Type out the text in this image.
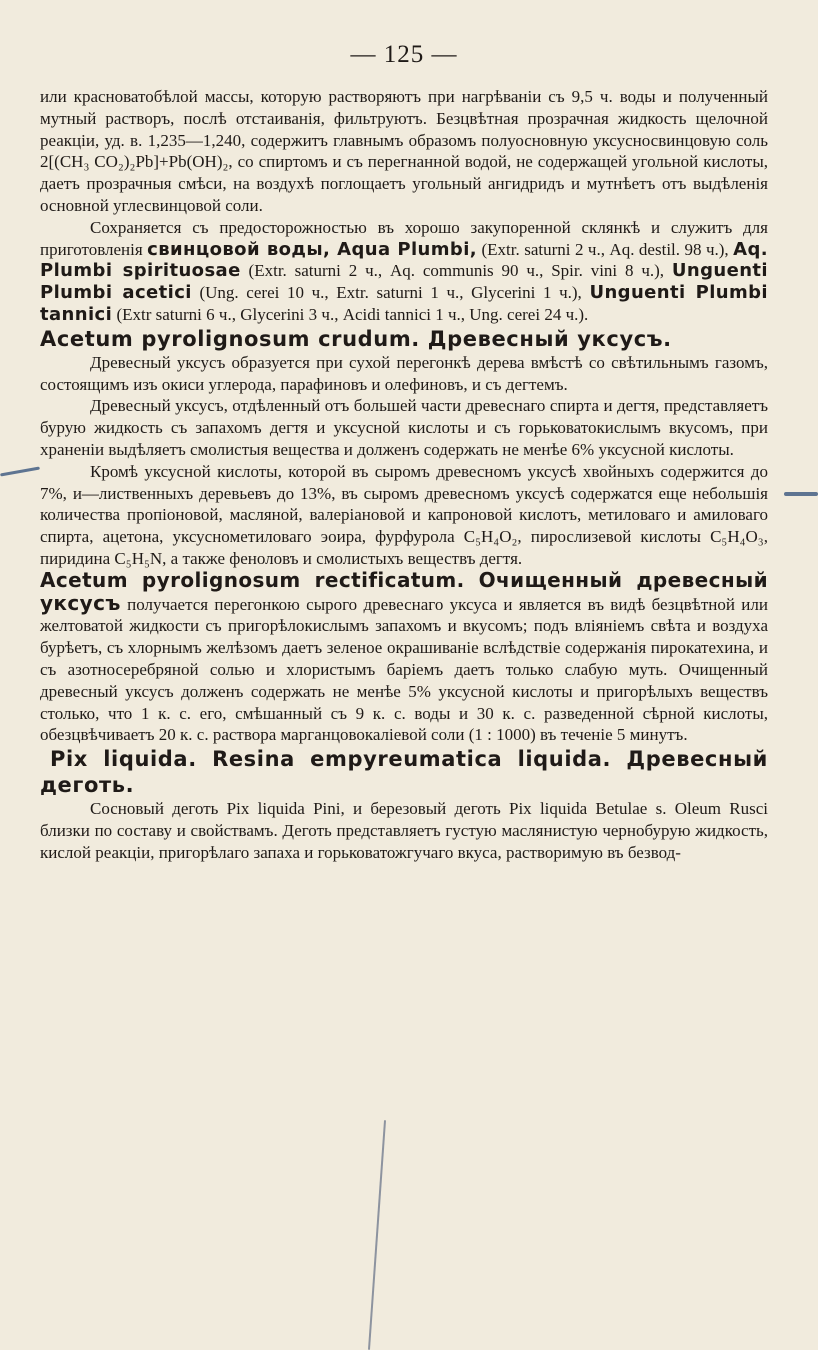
— 125 —

или красноватобѣлой массы, которую растворяютъ при нагрѣваніи съ 9,5 ч. воды и полученный мутный растворъ, послѣ отстаиванія, фильтруютъ. Безцвѣтная прозрачная жидкость щелочной реакціи, уд. в. 1,235—1,240, содержитъ главнымъ образомъ полуосновную уксусносвинцовую соль 2[(CH₃ CO₂)₂Pb]+Pb(OH)₂, со спиртомъ и съ перегнанной водой, не содержащей угольной кислоты, даетъ прозрачныя смѣси, на воздухѣ поглощаетъ угольный ангидридъ и мутнѣетъ отъ выдѣленія основной углесвинцовой соли.

Сохраняется съ предосторожностью въ хорошо закупоренной склянкѣ и служитъ для приготовленія свинцовой воды, Aqua Plumbi, (Extr. saturni 2 ч., Aq. destil. 98 ч.), Aq. Plumbi spirituosae (Extr. saturni 2 ч., Aq. communis 90 ч., Spir. vini 8 ч.), Unguenti Plumbi acetici (Ung. cerei 10 ч., Extr. saturni 1 ч., Glycerini 1 ч.), Unguenti Plumbi tannici (Extr saturni 6 ч., Glycerini 3 ч., Acidi tannici 1 ч., Ung. cerei 24 ч.).

Acetum pyrolignosum crudum. Древесный уксусъ.

Древесный уксусъ образуется при сухой перегонкѣ дерева вмѣстѣ со свѣтильнымъ газомъ, состоящимъ изъ окиси углерода, парафиновъ и олефиновъ, и съ дегтемъ.

Древесный уксусъ, отдѣленный отъ большей части древеснаго спирта и дегтя, представляетъ бурую жидкость съ запахомъ дегтя и уксусной кислоты и съ горьковатокислымъ вкусомъ, при храненіи выдѣляетъ смолистыя вещества и долженъ содержать не менѣе 6% уксусной кислоты.

Кромѣ уксусной кислоты, которой въ сыромъ древесномъ уксусѣ хвойныхъ содержится до 7%, и—лиственныхъ деревьевъ до 13%, въ сыромъ древесномъ уксусѣ содержатся еще небольшія количества пропіоновой, масляной, валеріановой и капроновой кислотъ, метиловаго и амиловаго спирта, ацетона, уксуснометиловаго эоира, фурфурола C₅H₄O₂, пирослизевой кислоты C₅H₄O₃, пиридина C₅H₅N, а также феноловъ и смолистыхъ веществъ дегтя.

Acetum pyrolignosum rectificatum. Очищенный древесный уксусъ получается перегонкою сырого древеснаго уксуса и является въ видѣ безцвѣтной или желтоватой жидкости съ пригорѣлокислымъ запахомъ и вкусомъ; подъ вліяніемъ свѣта и воздуха бурѣетъ, съ хлорнымъ желѣзомъ даетъ зеленое окрашиваніе вслѣдствіе содержанія пирокатехина, и съ азотносеребряной солью и хлористымъ баріемъ даетъ только слабую муть. Очищенный древесный уксусъ долженъ содержать не менѣе 5% уксусной кислоты и пригорѣлыхъ веществъ столько, что 1 к. с. его, смѣшанный съ 9 к. с. воды и 30 к. с. разведенной сѣрной кислоты, обезцвѣчиваетъ 20 к. с. раствора марганцовокаліевой соли (1 : 1000) въ теченіе 5 минутъ.

Pix liquida. Resina empyreumatica liquida. Древесный деготь.

Сосновый деготь Pix liquida Pini, и березовый деготь Pix liquida Betulae s. Oleum Rusci близки по составу и свойствамъ. Деготь представляетъ густую маслянистую чернобурую жидкость, кислой реакціи, пригорѣлаго запаха и горьковатожгучаго вкуса, растворимую въ безвод-
